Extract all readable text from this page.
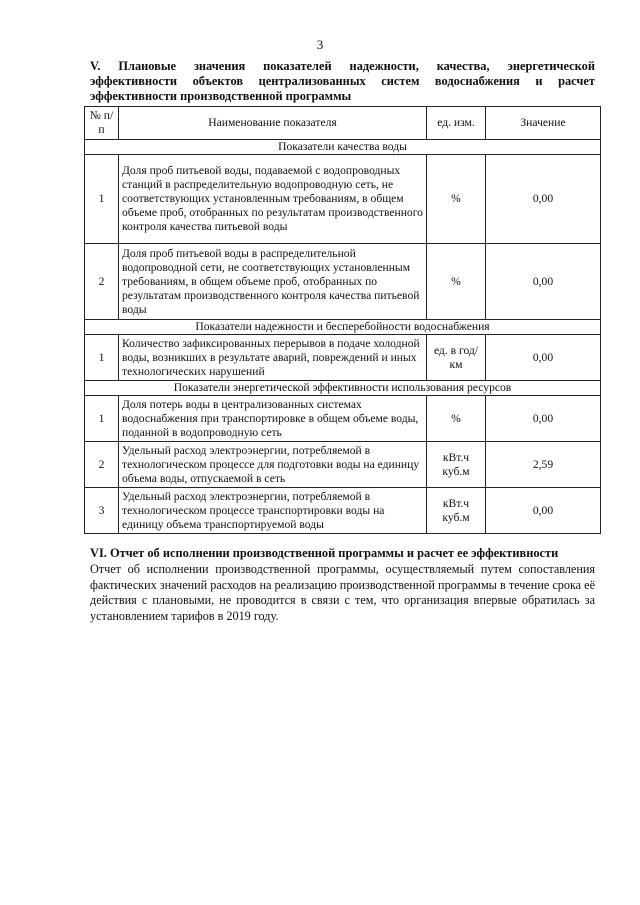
3
V. Плановые значения показателей надежности, качества, энергетической эффективности объектов централизованных систем водоснабжения и расчет эффективности производственной программы
№ п/п	Наименование показателя	ед. изм.	Значение
Показатели качества воды			
1	Доля проб питьевой воды, подаваемой с водопроводных станций в распределительную водопроводную сеть, не соответствующих установленным требованиям, в общем объеме проб, отобранных по результатам производственного контроля качества питьевой воды	%	0,00
2	Доля проб питьевой воды в распределительной водопроводной сети, не соответствующих установленным требованиям, в общем объеме проб, отобранных по результатам производственного контроля качества питьевой воды	%	0,00
Показатели надежности и бесперебойности водоснабжения			
1	Количество зафиксированных перерывов в подаче холодной воды, возникших в результате аварий, повреждений и иных технологических нарушений	ед. в год/ км	0,00
Показатели энергетической эффективности использования ресурсов			
1	Доля потерь воды в централизованных системах водоснабжения при транспортировке в общем объеме воды, поданной в водопроводную сеть	%	0,00
2	Удельный расход электроэнергии, потребляемой в технологическом процессе для подготовки воды на единицу объема воды, отпускаемой в сеть	кВт.ч куб.м	2,59
3	Удельный расход электроэнергии, потребляемой в технологическом процессе транспортировки воды на единицу объема транспортируемой воды	кВт.ч куб.м	0,00
VI. Отчет об исполнении производственной программы и расчет ее эффективности
Отчет об исполнении производственной программы, осуществляемый путем сопоставления фактических значений расходов на реализацию производственной программы в течение срока её действия с плановыми, не проводится в связи с тем, что организация впервые обратилась за установлением тарифов в 2019 году.
